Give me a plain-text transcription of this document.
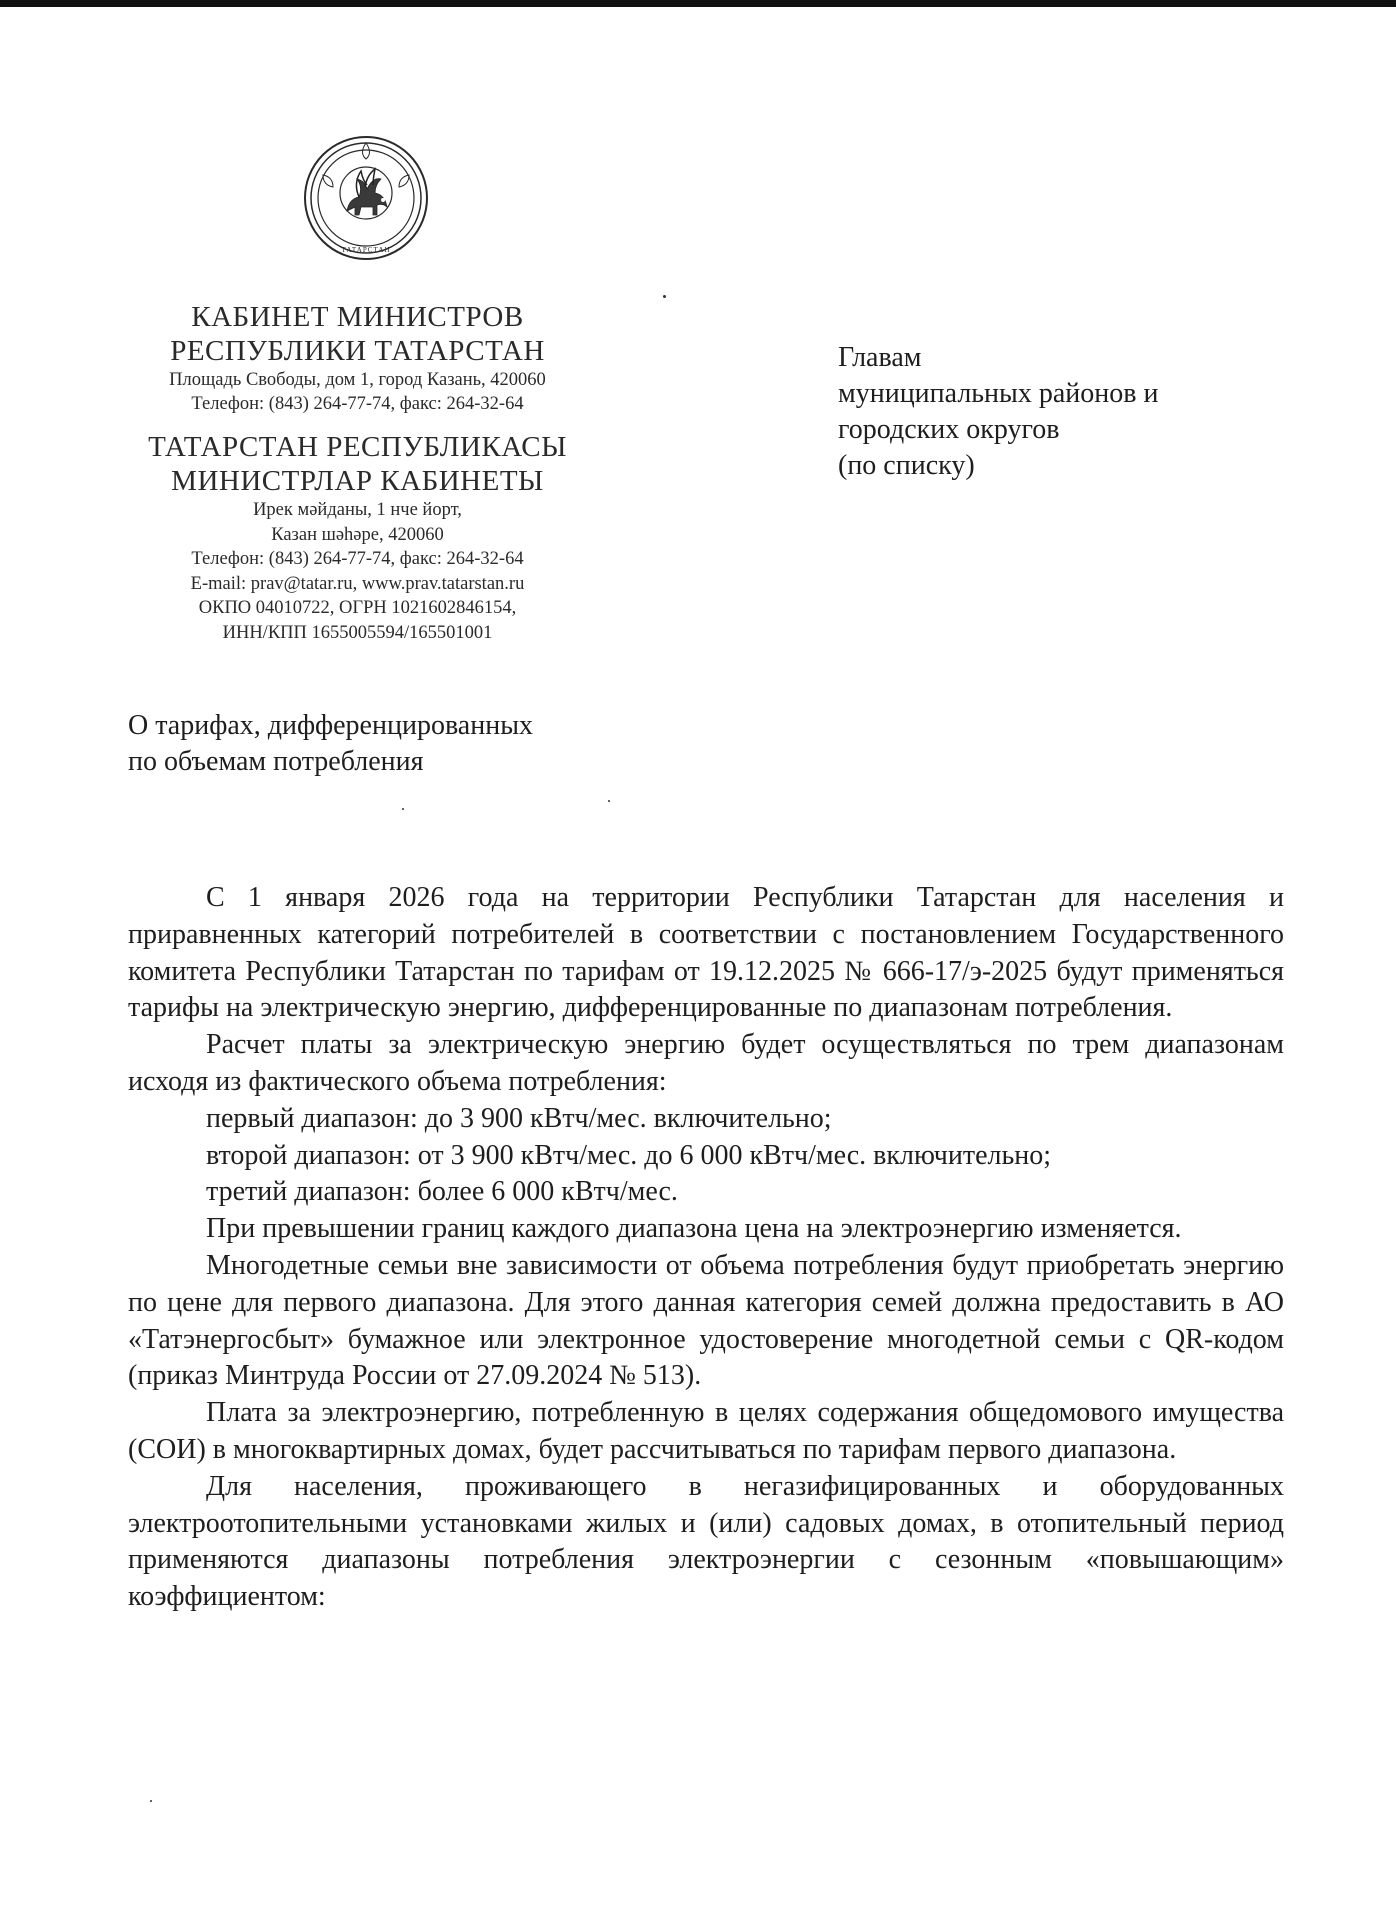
ТАТАРСТАН
КАБИНЕТ МИНИСТРОВ
РЕСПУБЛИКИ ТАТАРСТАН
Площадь Свободы, дом 1, город Казань, 420060
Телефон: (843) 264-77-74, факс: 264-32-64
ТАТАРСТАН РЕСПУБЛИКАСЫ
МИНИСТРЛАР КАБИНЕТЫ
Ирек мәйданы, 1 нче йорт,
Казан шәһәре, 420060
Телефон: (843) 264-77-74, факс: 264-32-64
E-mail: prav@tatar.ru, www.prav.tatarstan.ru
ОКПО 04010722, ОГРН 1021602846154,
ИНН/КПП 1655005594/165501001
Главам
муниципальных районов и
городских округов
(по списку)
О тарифах, дифференцированных
по объемам потребления

С 1 января 2026 года на территории Республики Татарстан для населения и приравненных категорий потребителей в соответствии с постановлением Государственного комитета Республики Татарстан по тарифам от 19.12.2025 № 666-17/э-2025 будут применяться тарифы на электрическую энергию, дифференцированные по диапазонам потребления.

Расчет платы за электрическую энергию будет осуществляться по трем диапазонам исходя из фактического объема потребления:

первый диапазон: до 3 900 кВтч/мес. включительно;

второй диапазон: от 3 900 кВтч/мес. до 6 000 кВтч/мес. включительно;

третий диапазон: более 6 000 кВтч/мес.

При превышении границ каждого диапазона цена на электроэнергию изменяется.

Многодетные семьи вне зависимости от объема потребления будут приобретать энергию по цене для первого диапазона. Для этого данная категория семей должна предоставить в АО «Татэнергосбыт» бумажное или электронное удостоверение многодетной семьи с QR-кодом (приказ Минтруда России от 27.09.2024 № 513).

Плата за электроэнергию, потребленную в целях содержания общедомового имущества (СОИ) в многоквартирных домах, будет рассчитываться по тарифам первого диапазона.

Для населения, проживающего в негазифицированных и оборудованных электроотопительными установками жилых и (или) садовых домах, в отопительный период применяются диапазоны потребления электроэнергии с сезонным «повышающим» коэффициентом:
